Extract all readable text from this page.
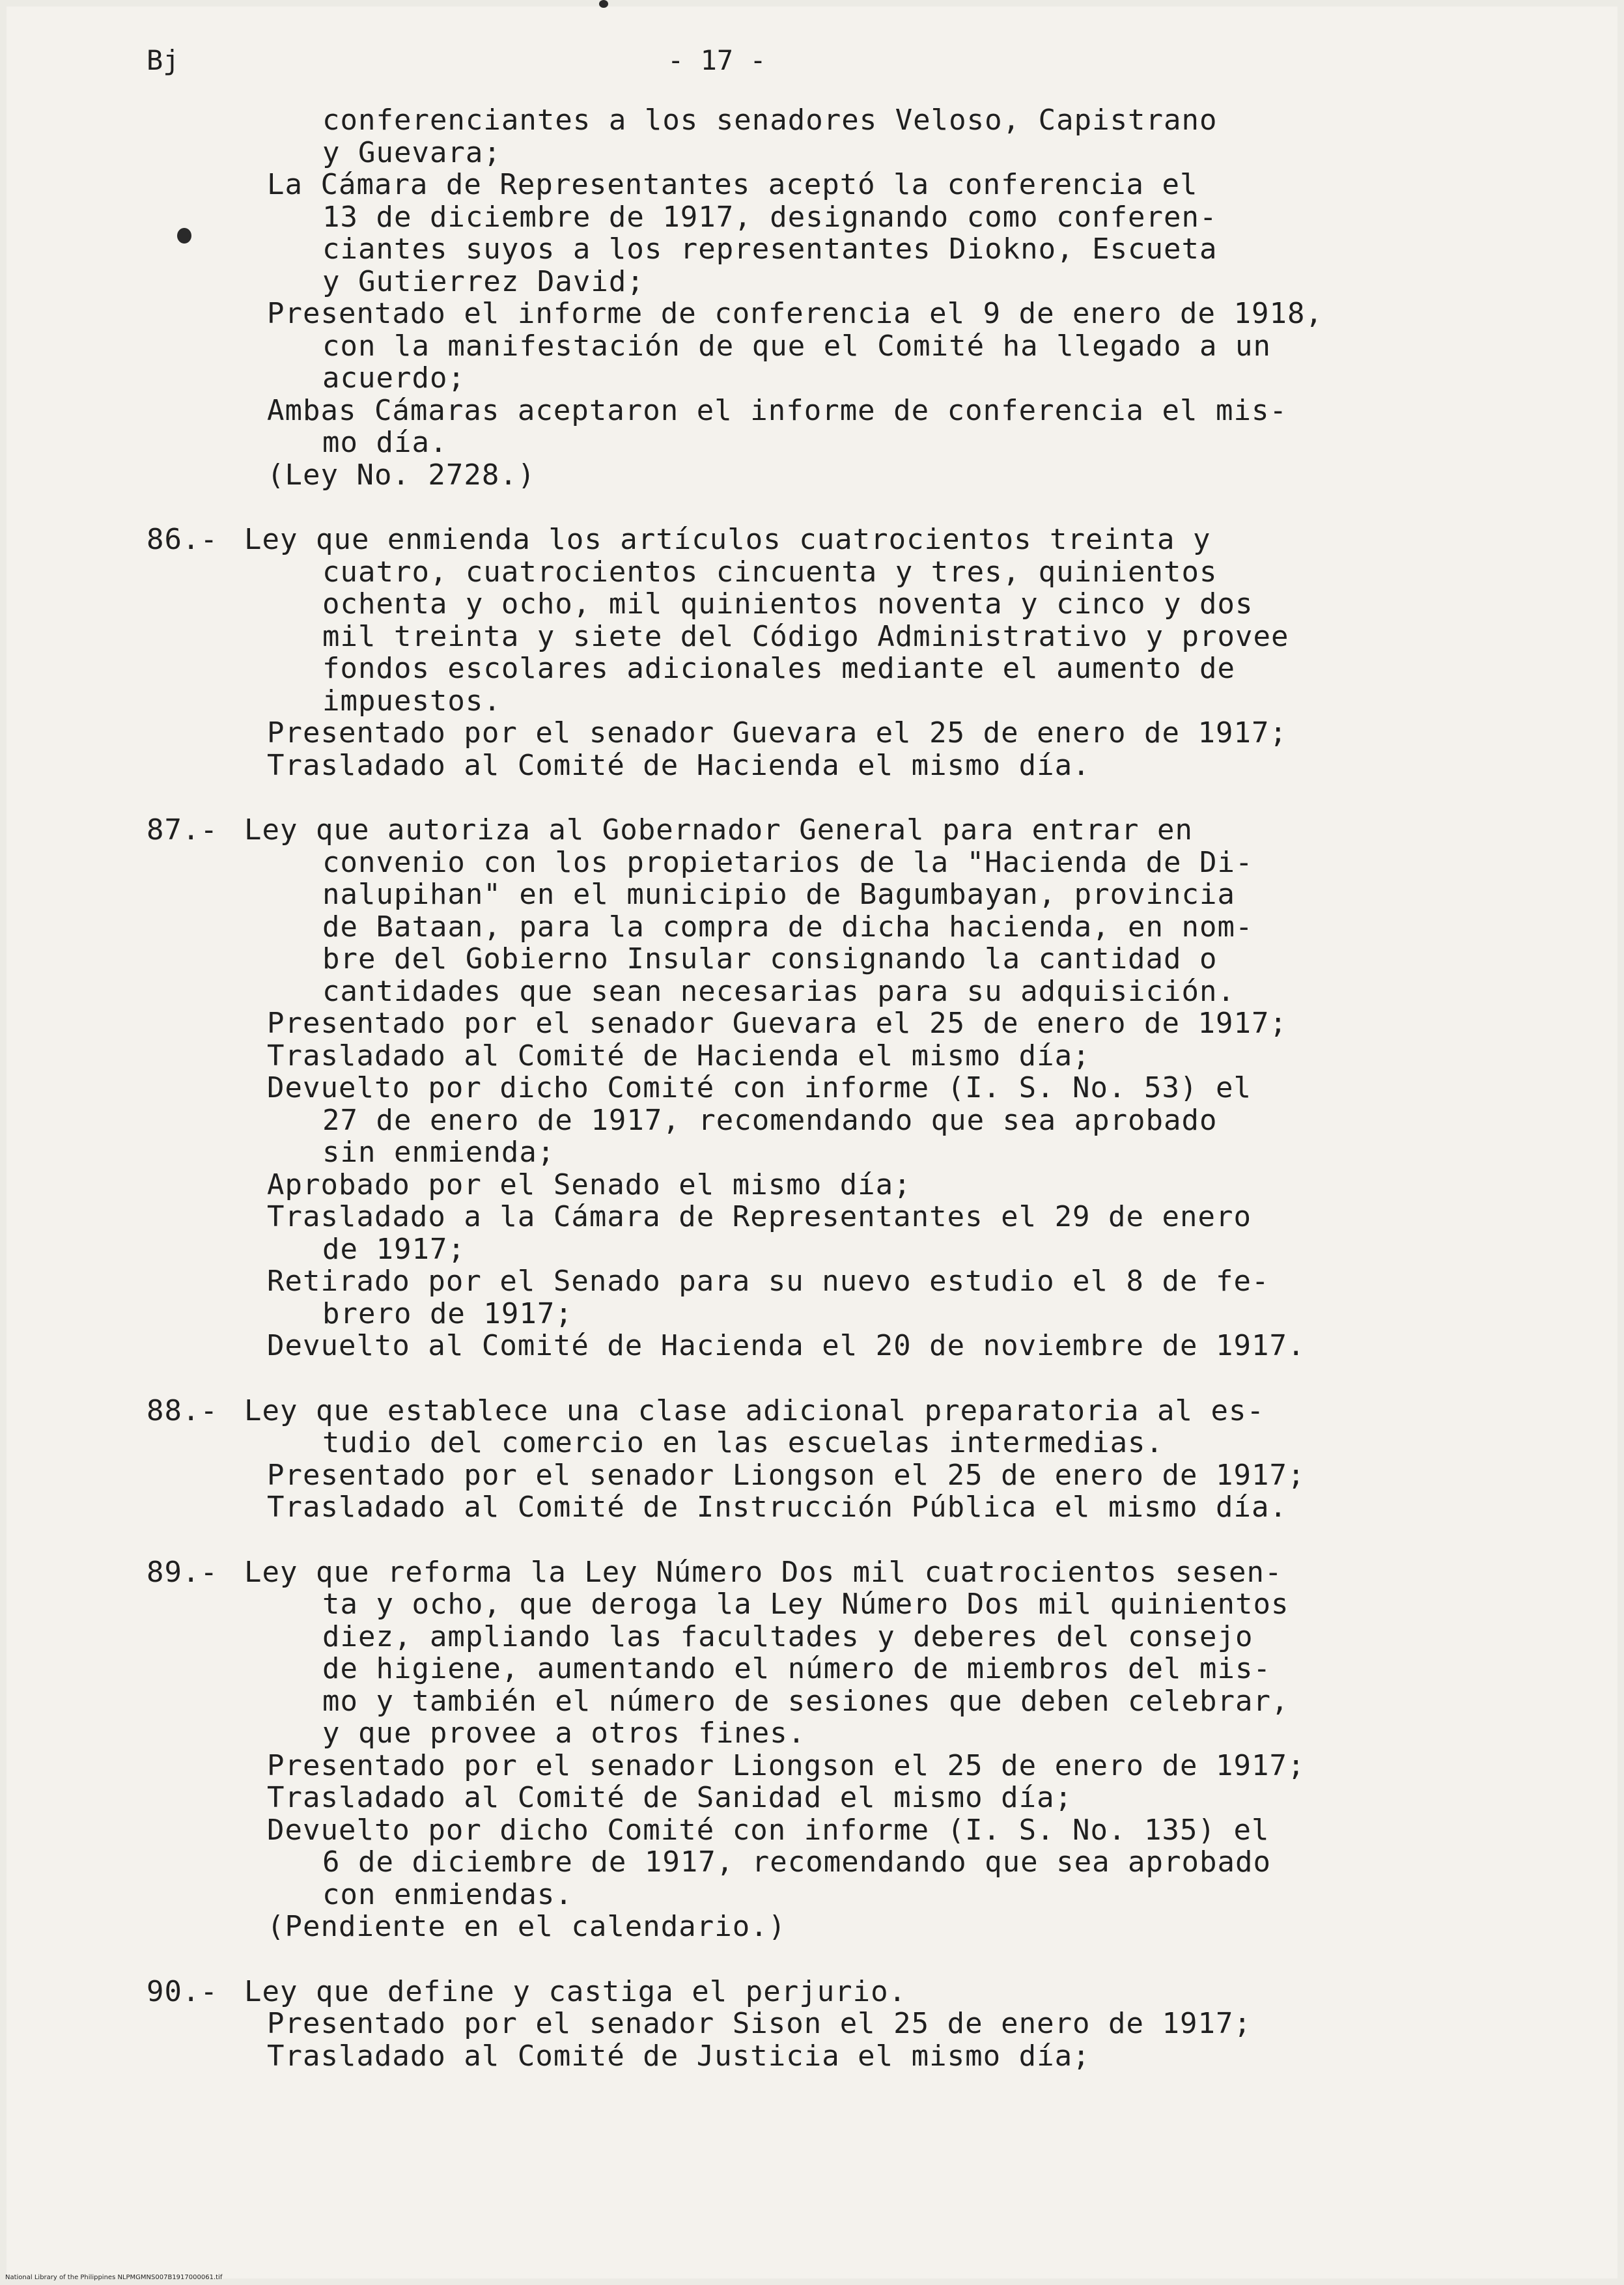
Bj	- 17 -
conferenciantes a los senadores Veloso, Capistrano
y Guevara;
La Cámara de Representantes aceptó la conferencia el
13 de diciembre de 1917, designando como conferen-
ciantes suyos a los representantes Diokno, Escueta
y Gutierrez David;
Presentado el informe de conferencia el 9 de enero de 1918,
con la manifestación de que el Comité ha llegado a un
acuerdo;
Ambas Cámaras aceptaron el informe de conferencia el mis-
mo día.
(Ley No. 2728.)
86.- Ley que enmienda los artículos cuatrocientos treinta y
cuatro, cuatrocientos cincuenta y tres, quinientos
ochenta y ocho, mil quinientos noventa y cinco y dos
mil treinta y siete del Código Administrativo y provee
fondos escolares adicionales mediante el aumento de
impuestos.
Presentado por el senador Guevara el 25 de enero de 1917;
Trasladado al Comité de Hacienda el mismo día.
87.- Ley que autoriza al Gobernador General para entrar en
convenio con los propietarios de la "Hacienda de Di-
nalupihan" en el municipio de Bagumbayan, provincia
de Bataan, para la compra de dicha hacienda, en nom-
bre del Gobierno Insular consignando la cantidad o
cantidades que sean necesarias para su adquisición.
Presentado por el senador Guevara el 25 de enero de 1917;
Trasladado al Comité de Hacienda el mismo día;
Devuelto por dicho Comité con informe (I. S. No. 53) el
27 de enero de 1917, recomendando que sea aprobado
sin enmienda;
Aprobado por el Senado el mismo día;
Trasladado a la Cámara de Representantes el 29 de enero
de 1917;
Retirado por el Senado para su nuevo estudio el 8 de fe-
brero de 1917;
Devuelto al Comité de Hacienda el 20 de noviembre de 1917.
88.- Ley que establece una clase adicional preparatoria al es-
tudio del comercio en las escuelas intermedias.
Presentado por el senador Liongson el 25 de enero de 1917;
Trasladado al Comité de Instrucción Pública el mismo día.
89.- Ley que reforma la Ley Número Dos mil cuatrocientos sesen-
ta y ocho, que deroga la Ley Número Dos mil quinientos
diez, ampliando las facultades y deberes del consejo
de higiene, aumentando el número de miembros del mis-
mo y también el número de sesiones que deben celebrar,
y que provee a otros fines.
Presentado por el senador Liongson el 25 de enero de 1917;
Trasladado al Comité de Sanidad el mismo día;
Devuelto por dicho Comité con informe (I. S. No. 135) el
6 de diciembre de 1917, recomendando que sea aprobado
con enmiendas.
(Pendiente en el calendario.)
90.- Ley que define y castiga el perjurio.
Presentado por el senador Sison el 25 de enero de 1917;
Trasladado al Comité de Justicia el mismo día;
National Library of the Philippines NLPMGMNS007B1917000061.tif
